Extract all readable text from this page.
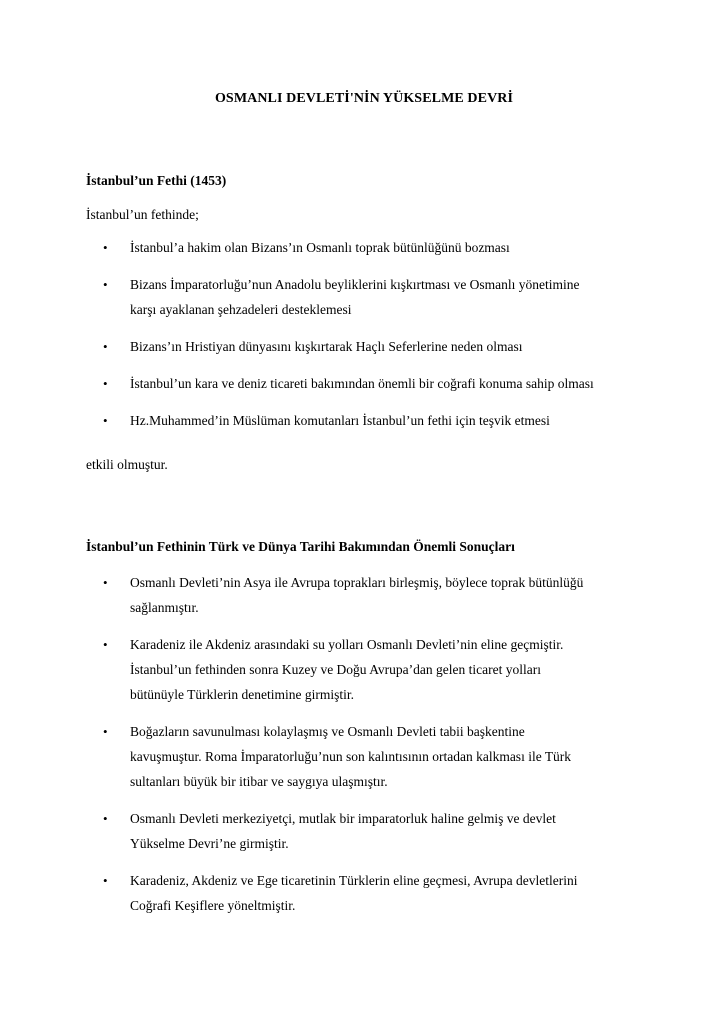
OSMANLI DEVLETİ'NİN YÜKSELME DEVRİ
İstanbul’un Fethi (1453)

İstanbul’un fethinde;

• İstanbul’a hakim olan Bizans’ın Osmanlı toprak bütünlüğünü bozması
• Bizans İmparatorluğu’nun Anadolu beyliklerini kışkırtması ve Osmanlı yönetimine
karşı ayaklanan şehzadeleri desteklemesi
• Bizans’ın Hristiyan dünyasını kışkırtarak Haçlı Seferlerine neden olması
• İstanbul’un kara ve deniz ticareti bakımından önemli bir coğrafi konuma sahip olması
• Hz.Muhammed’in Müslüman komutanları İstanbul’un fethi için teşvik etmesi

etkili olmuştur.

İstanbul’un Fethinin Türk ve Dünya Tarihi Bakımından Önemli Sonuçları
• Osmanlı Devleti’nin Asya ile Avrupa toprakları birleşmiş, böylece toprak bütünlüğü
sağlanmıştır.
• Karadeniz ile Akdeniz arasındaki su yolları Osmanlı Devleti’nin eline geçmiştir.
İstanbul’un fethinden sonra Kuzey ve Doğu Avrupa’dan gelen ticaret yolları
bütünüyle Türklerin denetimine girmiştir.
• Boğazların savunulması kolaylaşmış ve Osmanlı Devleti tabii başkentine
kavuşmuştur. Roma İmparatorluğu’nun son kalıntısının ortadan kalkması ile Türk
sultanları büyük bir itibar ve saygıya ulaşmıştır.
• Osmanlı Devleti merkeziyetçi, mutlak bir imparatorluk haline gelmiş ve devlet
Yükselme Devri’ne girmiştir.
• Karadeniz, Akdeniz ve Ege ticaretinin Türklerin eline geçmesi, Avrupa devletlerini
Coğrafi Keşiflere yöneltmiştir.
